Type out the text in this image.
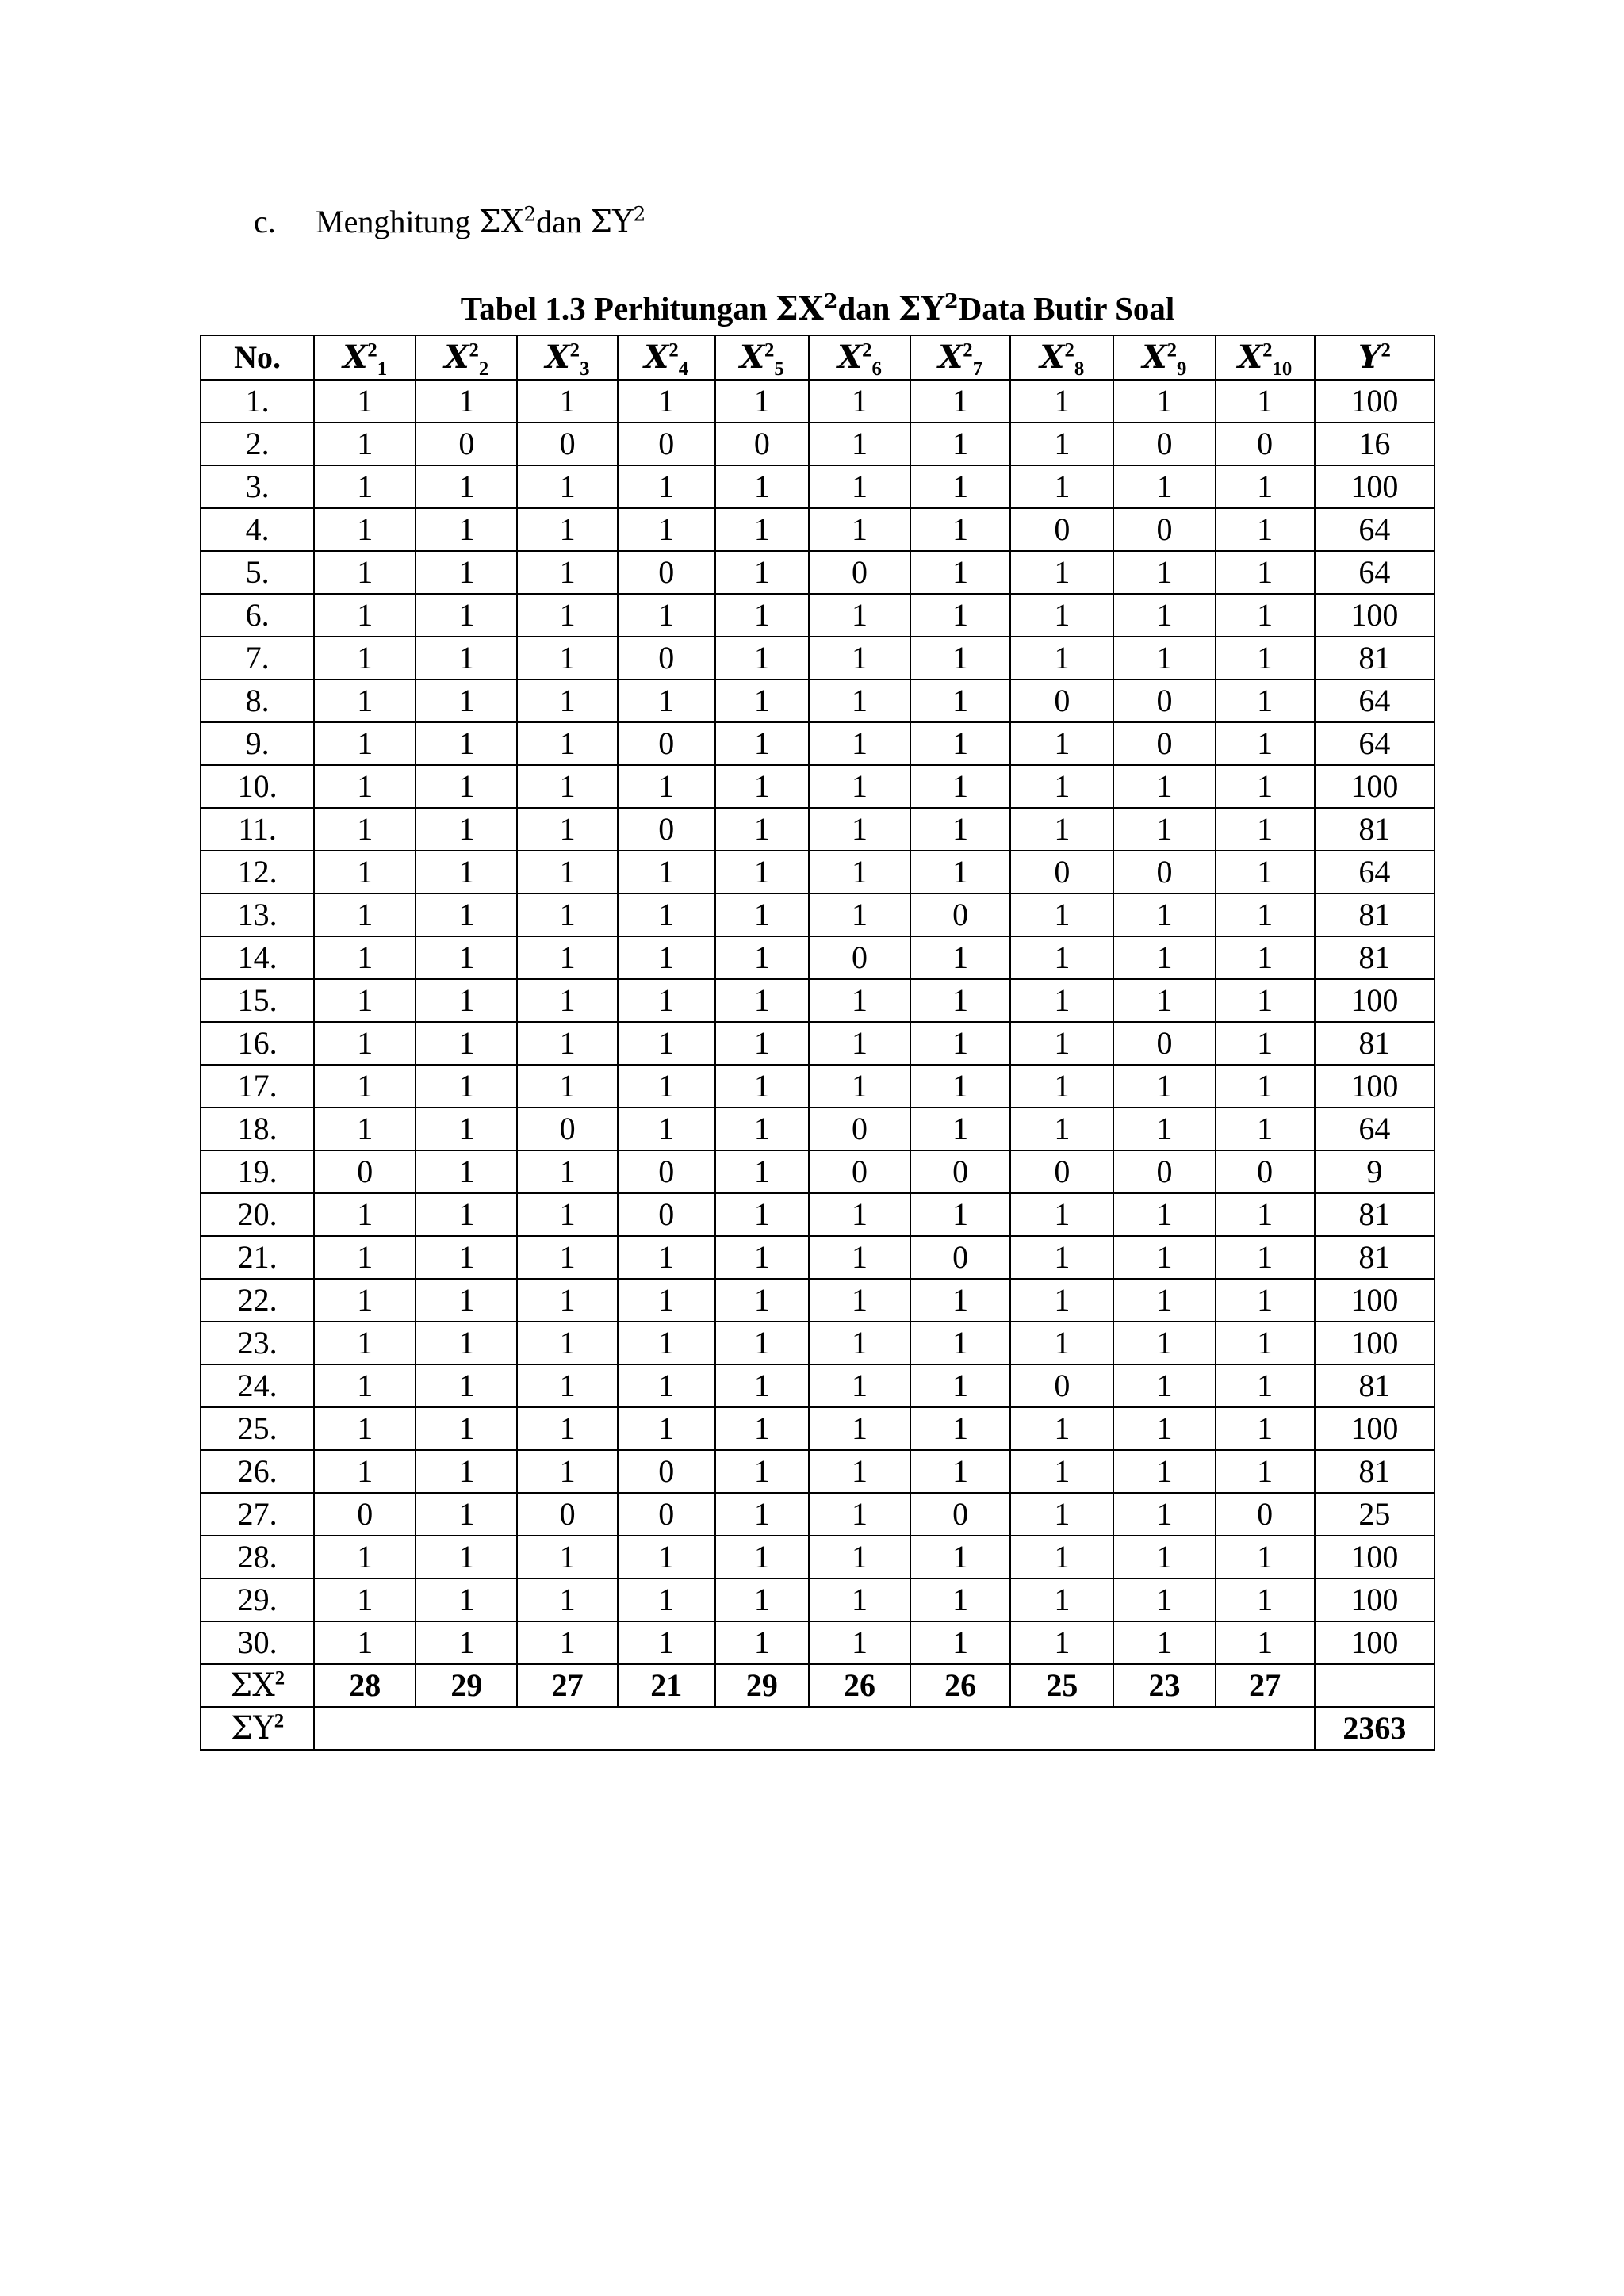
c. Menghitung $\Sigma X^2dan$ $\Sigma Y^2$
Tabel 1.3 Perhitungan $\Sigma X^2dan$ $\Sigma Y^2Data$ Butir Soal
No.	$X^2_1$	$X^2_2$	$X^2_3$	$X^2_4$	$X^2_5$	$X^2_6$	$X^2_7$	$X^2_8$	$X^2_9$	$X^2_{10}$	$Y^2$
1.	1	1	1	1	1	1	1	1	1	1	100
2.	1	0	0	0	0	1	1	1	0	0	16
3.	1	1	1	1	1	1	1	1	1	1	100
4.	1	1	1	1	1	1	1	0	0	1	64
5.	1	1	1	0	1	0	1	1	1	1	64
6.	1	1	1	1	1	1	1	1	1	1	100
7.	1	1	1	0	1	1	1	1	1	1	81
8.	1	1	1	1	1	1	1	0	0	1	64
9.	1	1	1	0	1	1	1	1	0	1	64
10.	1	1	1	1	1	1	1	1	1	1	100
11.	1	1	1	0	1	1	1	1	1	1	81
12.	1	1	1	1	1	1	1	0	0	1	64
13.	1	1	1	1	1	1	0	1	1	1	81
14.	1	1	1	1	1	0	1	1	1	1	81
15.	1	1	1	1	1	1	1	1	1	1	100
16.	1	1	1	1	1	1	1	1	0	1	81
17.	1	1	1	1	1	1	1	1	1	1	100
18.	1	1	0	1	1	0	1	1	1	1	64
19.	0	1	1	0	1	0	0	0	0	0	9
20.	1	1	1	0	1	1	1	1	1	1	81
21.	1	1	1	1	1	1	0	1	1	1	81
22.	1	1	1	1	1	1	1	1	1	1	100
23.	1	1	1	1	1	1	1	1	1	1	100
24.	1	1	1	1	1	1	1	0	1	1	81
25.	1	1	1	1	1	1	1	1	1	1	100
26.	1	1	1	0	1	1	1	1	1	1	81
27.	0	1	0	0	1	1	0	1	1	0	25
28.	1	1	1	1	1	1	1	1	1	1	100
29.	1	1	1	1	1	1	1	1	1	1	100
30.	1	1	1	1	1	1	1	1	1	1	100
$\Sigma X^2$	28	29	27	21	29	26	26	25	23	27	
$\Sigma Y^2$											2363
